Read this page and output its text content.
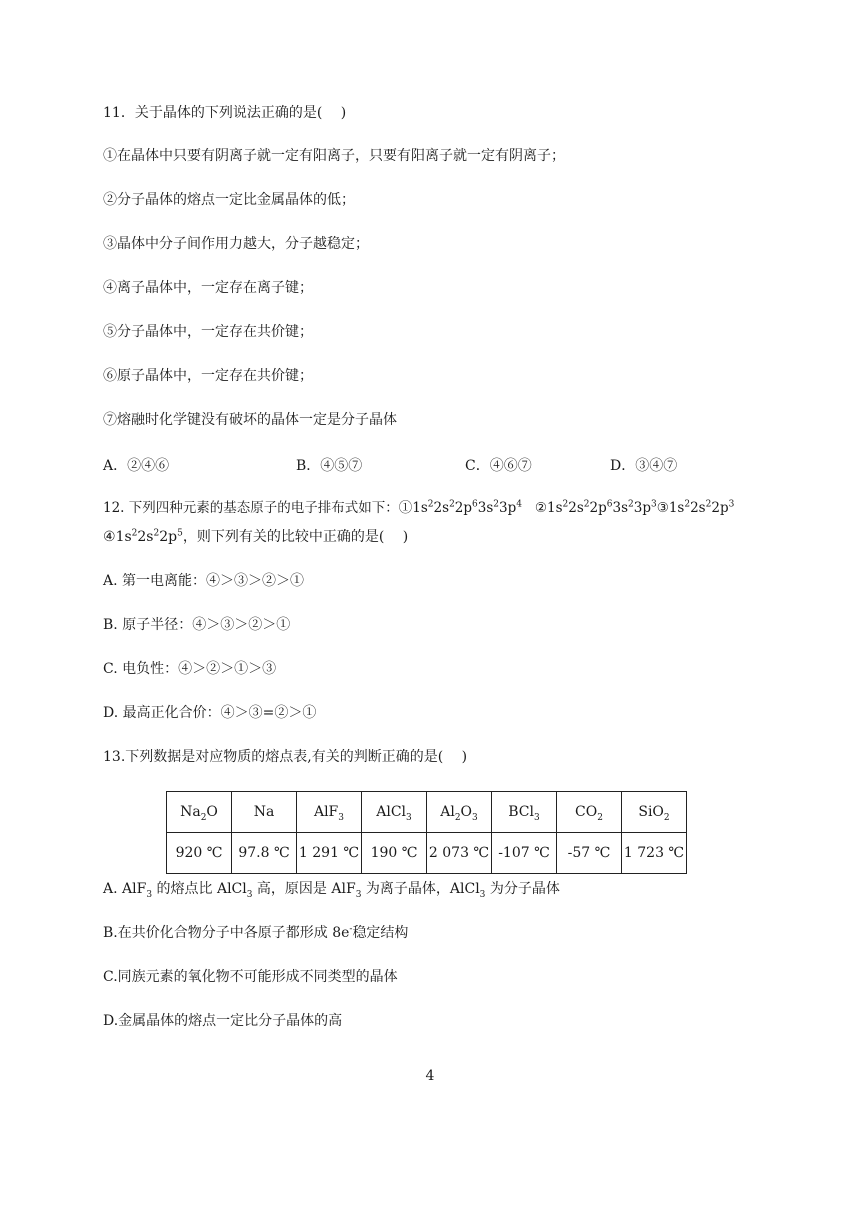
11．关于晶体的下列说法正确的是(　 )
①在晶体中只要有阴离子就一定有阳离子，只要有阳离子就一定有阴离子；
②分子晶体的熔点一定比金属晶体的低；
③晶体中分子间作用力越大，分子越稳定；
④离子晶体中，一定存在离子键；
⑤分子晶体中，一定存在共价键；
⑥原子晶体中，一定存在共价键；
⑦熔融时化学键没有破坏的晶体一定是分子晶体
A．②④⑥	B．④⑤⑦	C．④⑥⑦	D．③④⑦
12. 下列四种元素的基态原子的电子排布式如下：$①1s^22s^22p^63s^23p^4$ $②1s^22s^22p^63s^23p^3③1s^22s^22p^3$
$④1s^22s^22p^5$，则下列有关的比较中正确的是(　 )
A. 第一电离能：④＞③＞②＞①
B. 原子半径：④＞③＞②＞①
C. 电负性：④＞②＞①＞③
D. 最高正化合价：④＞③=②＞①
13.下列数据是对应物质的熔点表,有关的判断正确的是(　 )
$Na_2O$	Na	AlF$_3$	AlCl$_3$	$Al_2O_3$	BCl$_3$	$CO_2$	SiO$_2$
920 ℃	97.8 ℃	1 291 ℃	190 ℃	2 073 ℃	-107 ℃	-57 ℃	1 723 ℃
A. AlF$_3$ 的熔点比 AlCl$_3$ 高，原因是 AlF$_3$ 为离子晶体，AlCl$_3$ 为分子晶体
B.在共价化合物分子中各原子都形成 8e-稳定结构
C.同族元素的氧化物不可能形成不同类型的晶体
D.金属晶体的熔点一定比分子晶体的高
4
